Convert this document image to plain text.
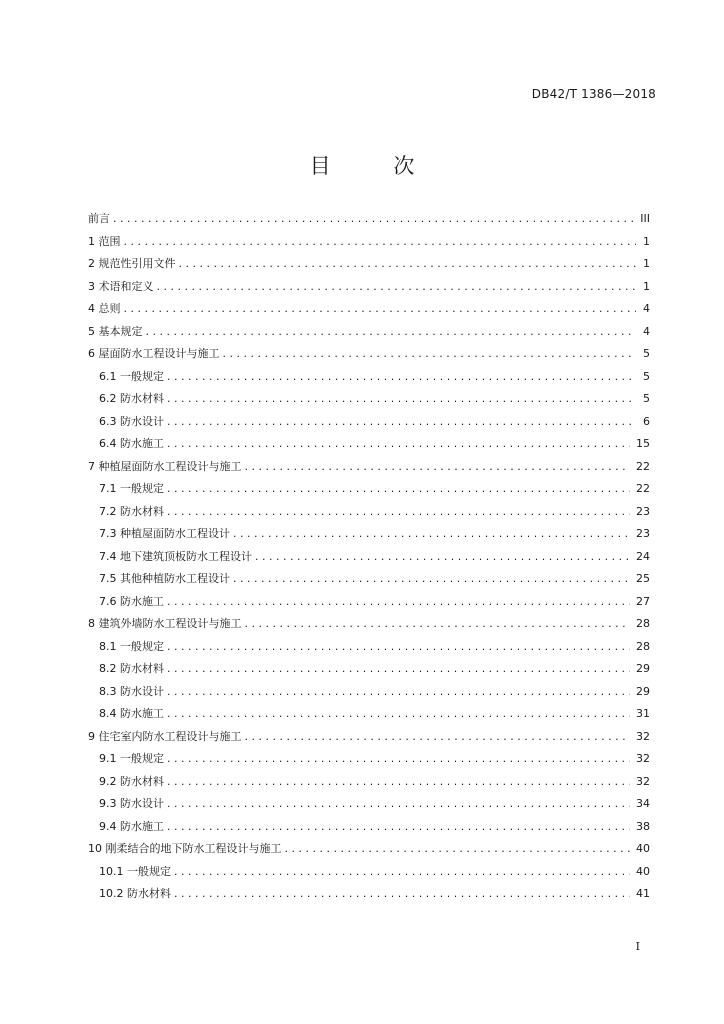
DB42/T 1386—2018
目 次
前言 . . .	III
1 范围 . . .	1
2 规范性引用文件 . . .	1
3 术语和定义 . . .	1
4 总则 . . .	4
5 基本规定 . . .	4
6 屋面防水工程设计与施工 . . .	5
6.1 一般规定 . . .	5
6.2 防水材料 . . .	5
6.3 防水设计 . . .	6
6.4 防水施工 . . .	15
7 种植屋面防水工程设计与施工 . . .	22
7.1 一般规定 . . .	22
7.2 防水材料 . . .	23
7.3 种植屋面防水工程设计 . . .	23
7.4 地下建筑顶板防水工程设计 . . .	24
7.5 其他种植防水工程设计 . . .	25
7.6 防水施工 . . .	27
8 建筑外墙防水工程设计与施工 . . .	28
8.1 一般规定 . . .	28
8.2 防水材料 . . .	29
8.3 防水设计 . . .	29
8.4 防水施工 . . .	31
9 住宅室内防水工程设计与施工 . . .	32
9.1 一般规定 . . .	32
9.2 防水材料 . . .	32
9.3 防水设计 . . .	34
9.4 防水施工 . . .	38
10 刚柔结合的地下防水工程设计与施工 . . .	40
10.1 一般规定 . . .	40
10.2 防水材料 . . .	41
I
